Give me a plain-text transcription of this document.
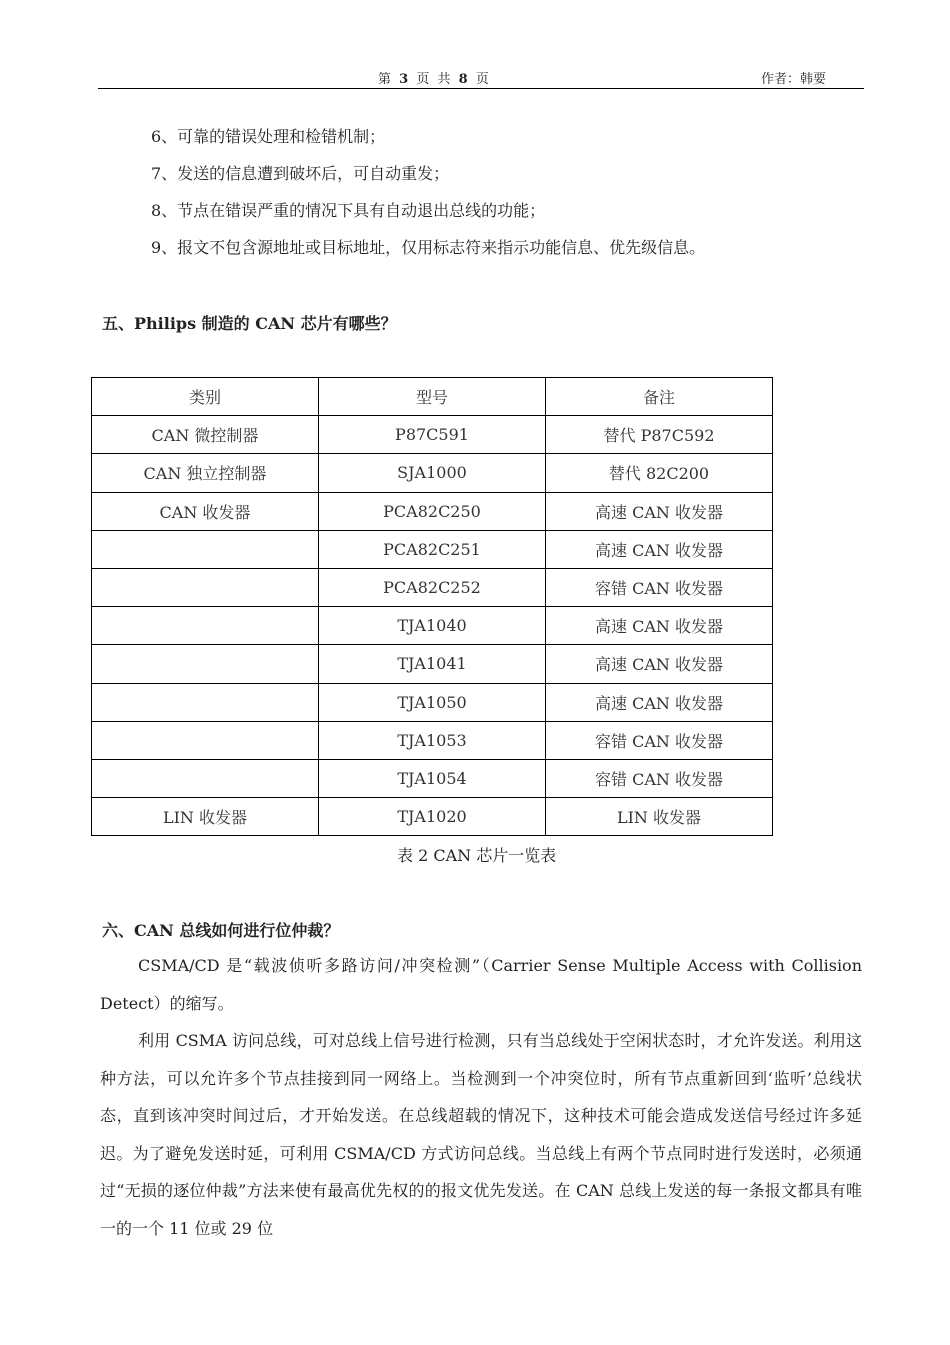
第 3 页 共 8 页	作者：韩要
6、可靠的错误处理和检错机制；
7、发送的信息遭到破坏后，可自动重发；
8、节点在错误严重的情况下具有自动退出总线的功能；
9、报文不包含源地址或目标地址，仅用标志符来指示功能信息、优先级信息。
五、Philips 制造的 CAN 芯片有哪些？
类别	型号	备注
CAN 微控制器	P87C591	替代 P87C592
CAN 独立控制器	SJA1000	替代 82C200
CAN 收发器	PCA82C250	高速 CAN 收发器
	PCA82C251	高速 CAN 收发器
	PCA82C252	容错 CAN 收发器
	TJA1040	高速 CAN 收发器
	TJA1041	高速 CAN 收发器
	TJA1050	高速 CAN 收发器
	TJA1053	容错 CAN 收发器
	TJA1054	容错 CAN 收发器
LIN 收发器	TJA1020	LIN 收发器
表 2 CAN 芯片一览表
六、CAN 总线如何进行位仲裁？
CSMA/CD 是“载波侦听多路访问/冲突检测”（Carrier Sense Multiple Access with Collision Detect）的缩写。
利用 CSMA 访问总线，可对总线上信号进行检测，只有当总线处于空闲状态时，才允许发送。利用这种方法，可以允许多个节点挂接到同一网络上。当检测到一个冲突位时，所有节点重新回到‘监听’总线状态，直到该冲突时间过后，才开始发送。在总线超载的情况下，这种技术可能会造成发送信号经过许多延迟。为了避免发送时延，可利用 CSMA/CD 方式访问总线。当总线上有两个节点同时进行发送时，必须通过“无损的逐位仲裁”方法来使有最高优先权的的报文优先发送。在 CAN 总线上发送的每一条报文都具有唯一的一个 11 位或 29 位
